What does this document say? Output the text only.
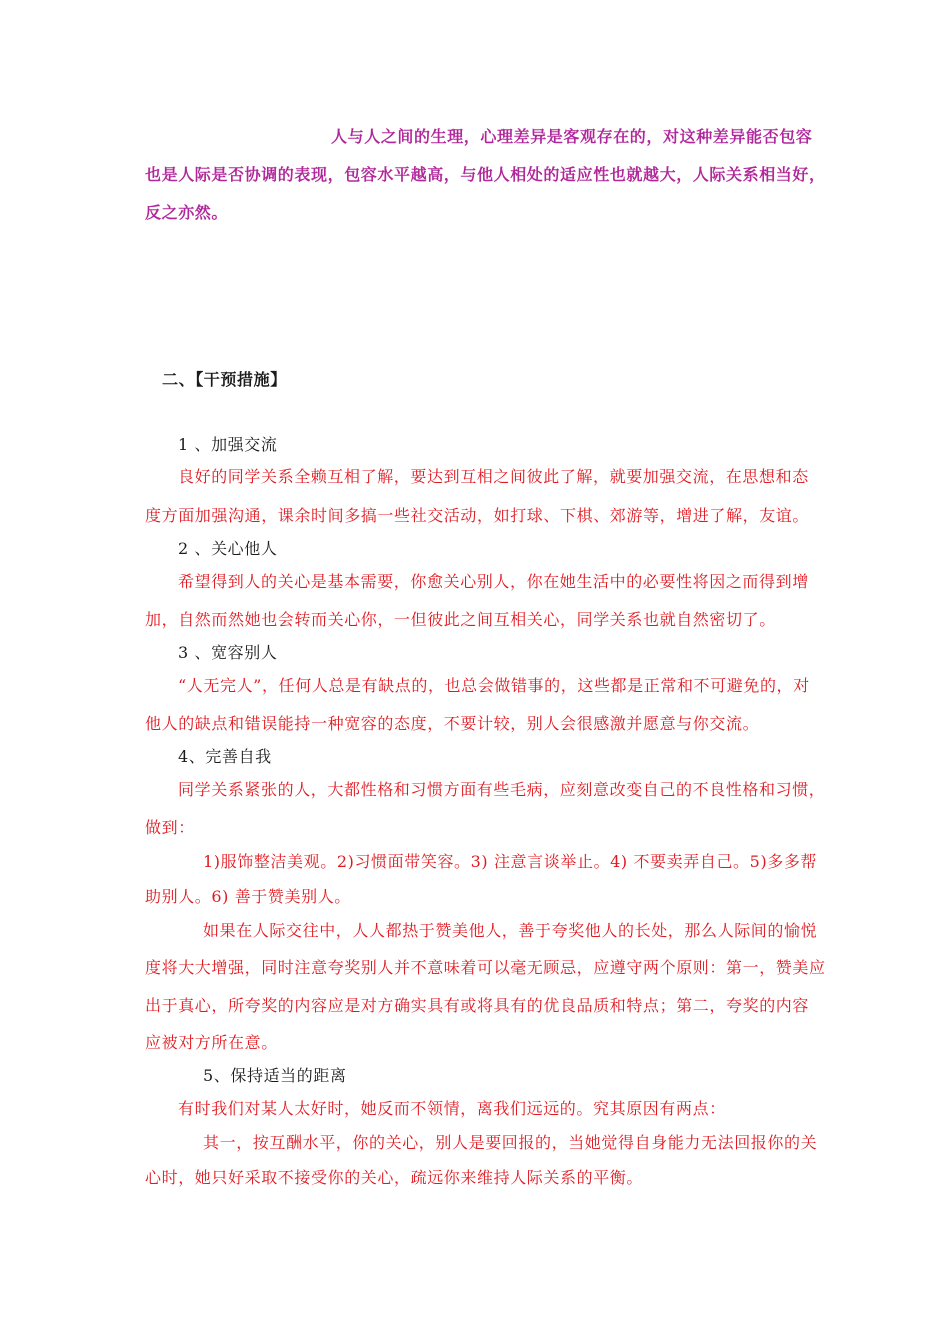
人与人之间的生理，心理差异是客观存在的，对这种差异能否包容
也是人际是否协调的表现，包容水平越高，与他人相处的适应性也就越大，人际关系相当好，
反之亦然。
二、【干预措施】
1 、加强交流
良好的同学关系全赖互相了解，要达到互相之间彼此了解，就要加强交流，在思想和态
度方面加强沟通，课余时间多搞一些社交活动，如打球、下棋、郊游等，增进了解，友谊。
2 、关心他人
希望得到人的关心是基本需要，你愈关心别人，你在她生活中的必要性将因之而得到增
加，自然而然她也会转而关心你，一但彼此之间互相关心，同学关系也就自然密切了。
3 、宽容别人
“人无完人”，任何人总是有缺点的，也总会做错事的，这些都是正常和不可避免的，对
他人的缺点和错误能持一种宽容的态度，不要计较，别人会很感激并愿意与你交流。
4、完善自我
同学关系紧张的人，大都性格和习惯方面有些毛病，应刻意改变自己的不良性格和习惯，
做到：
1)服饰整洁美观。2)习惯面带笑容。3) 注意言谈举止。4) 不要卖弄自己。5)多多帮
助别人。6) 善于赞美别人。
如果在人际交往中，人人都热于赞美他人，善于夸奖他人的长处，那么人际间的愉悦
度将大大增强，同时注意夸奖别人并不意味着可以毫无顾忌，应遵守两个原则：第一，赞美应
出于真心，所夸奖的内容应是对方确实具有或将具有的优良品质和特点；第二，夸奖的内容
应被对方所在意。
5、保持适当的距离
有时我们对某人太好时，她反而不领情，离我们远远的。究其原因有两点：
其一，按互酬水平，你的关心，别人是要回报的，当她觉得自身能力无法回报你的关
心时，她只好采取不接受你的关心，疏远你来维持人际关系的平衡。
